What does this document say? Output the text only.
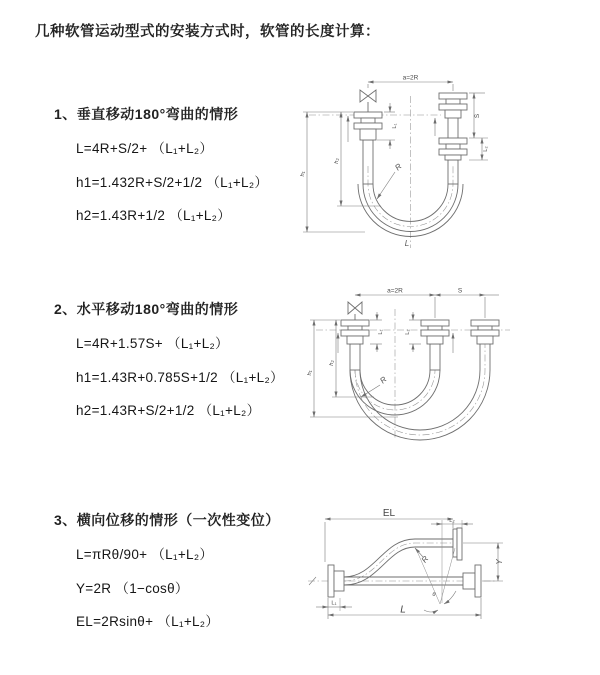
几种软管运动型式的安装方式时，软管的长度计算：
1、垂直移动180°弯曲的情形

L=4R+S/2+ （L₁+L₂）

h1=1.432R+S/2+1/2 （L₁+L₂）

h2=1.43R+1/2 （L₁+L₂）

2、水平移动180°弯曲的情形

L=4R+1.57S+ （L₁+L₂）

h1=1.43R+0.785S+1/2 （L₁+L₂）

h2=1.43R+S/2+1/2 （L₁+L₂）

3、横向位移的情形（一次性变位）

L=πRθ/90+ （L₁+L₂）

Y=2R （1−cosθ）

EL=2Rsinθ+ （L₁+L₂）

a=2R
L₁
S
L₂
h₁
h₂
R
L
a=2R	S
L₁	L₂
h₁
h₂
R
EL
L₂
Y
L
L₁
R
θ
